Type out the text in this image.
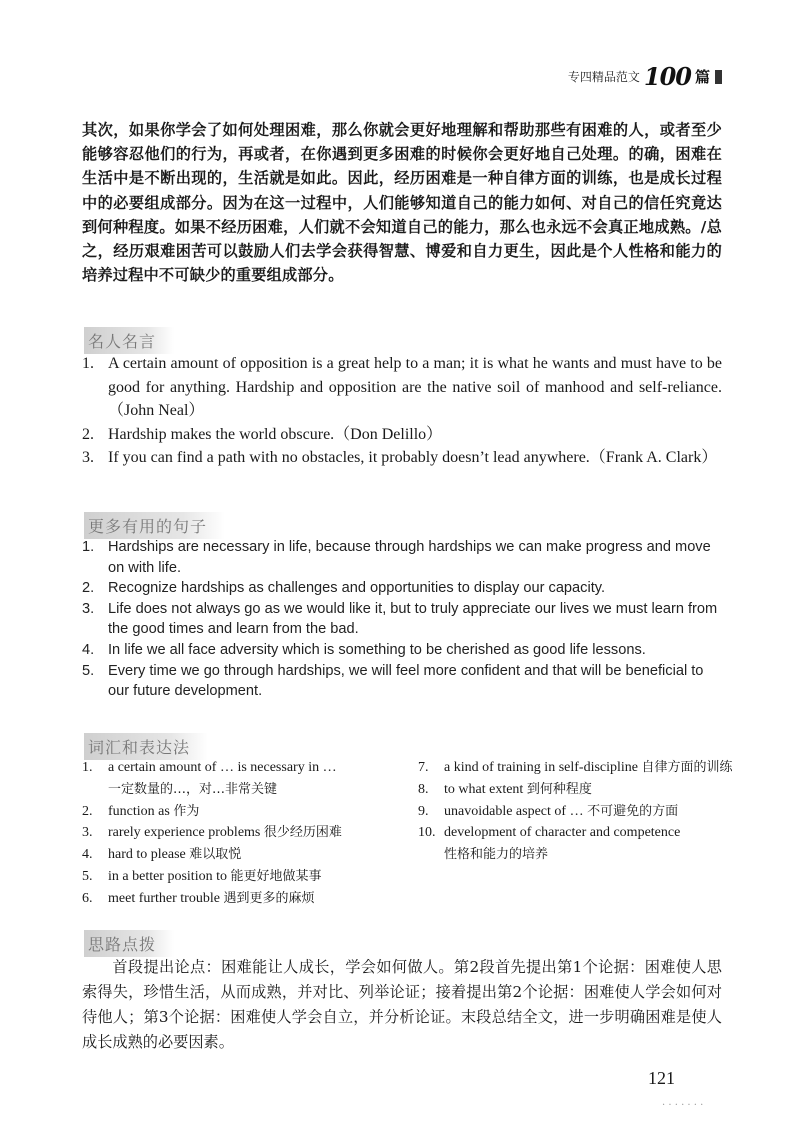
专四精品范文 100 篇
其次，如果你学会了如何处理困难，那么你就会更好地理解和帮助那些有困难的人，或者至少能够容忍他们的行为，再或者，在你遇到更多困难的时候你会更好地自己处理。的确，困难在生活中是不断出现的，生活就是如此。因此，经历困难是一种自律方面的训练，也是成长过程中的必要组成部分。因为在这一过程中，人们能够知道自己的能力如何、对自己的信任究竟达到何种程度。如果不经历困难，人们就不会知道自己的能力，那么也永远不会真正地成熟。/总之，经历艰难困苦可以鼓励人们去学会获得智慧、博爱和自力更生，因此是个人性格和能力的培养过程中不可缺少的重要组成部分。
名人名言
1. A certain amount of opposition is a great help to a man; it is what he wants and must have to be good for anything. Hardship and opposition are the native soil of manhood and self-reliance.（John Neal）
2. Hardship makes the world obscure.（Don Delillo）
3. If you can find a path with no obstacles, it probably doesn’t lead anywhere.（Frank A. Clark）
更多有用的句子
1. Hardships are necessary in life, because through hardships we can make progress and move on with life.
2. Recognize hardships as challenges and opportunities to display our capacity.
3. Life does not always go as we would like it, but to truly appreciate our lives we must learn from the good times and learn from the bad.
4. In life we all face adversity which is something to be cherished as good life lessons.
5. Every time we go through hardships, we will feel more confident and that will be beneficial to our future development.
词汇和表达法
1. a certain amount of … is necessary in …
一定数量的…，对…非常关键
2. function as 作为
3. rarely experience problems 很少经历困难
4. hard to please 难以取悦
5. in a better position to 能更好地做某事
6. meet further trouble 遇到更多的麻烦
7. a kind of training in self-discipline 自律方面的训练
8. to what extent 到何种程度
9. unavoidable aspect of … 不可避免的方面
10. development of character and competence
性格和能力的培养
思路点拨

首段提出论点：困难能让人成长，学会如何做人。第2段首先提出第1个论据：困难使人思索得失，珍惜生活，从而成熟，并对比、列举论证；接着提出第2个论据：困难使人学会如何对待他人；第3个论据：困难使人学会自立，并分析论证。末段总结全文，进一步明确困难是使人成长成熟的必要因素。

121
. . . . . . .
